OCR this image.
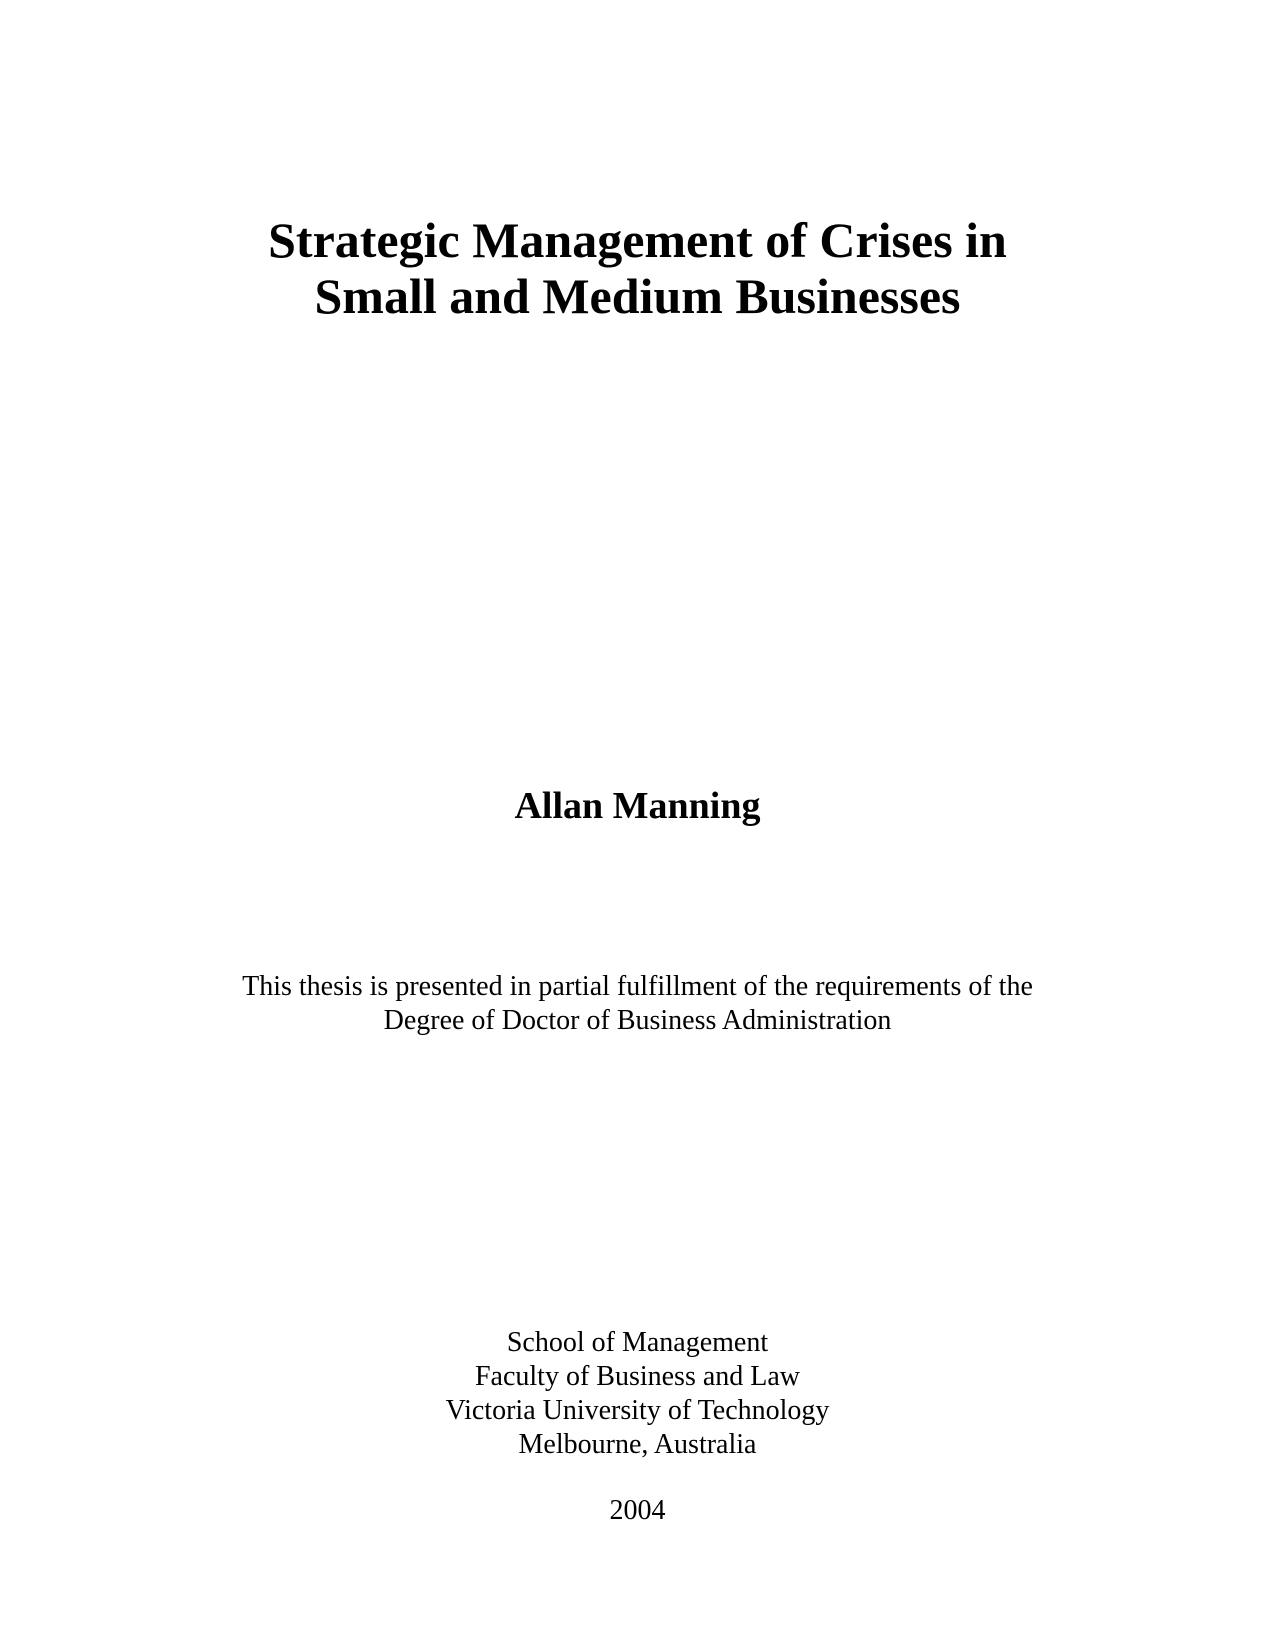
Strategic Management of Crises in
Small and Medium Businesses
Allan Manning
This thesis is presented in partial fulfillment of the requirements of the
Degree of Doctor of Business Administration
School of Management
Faculty of Business and Law
Victoria University of Technology
Melbourne, Australia
2004
